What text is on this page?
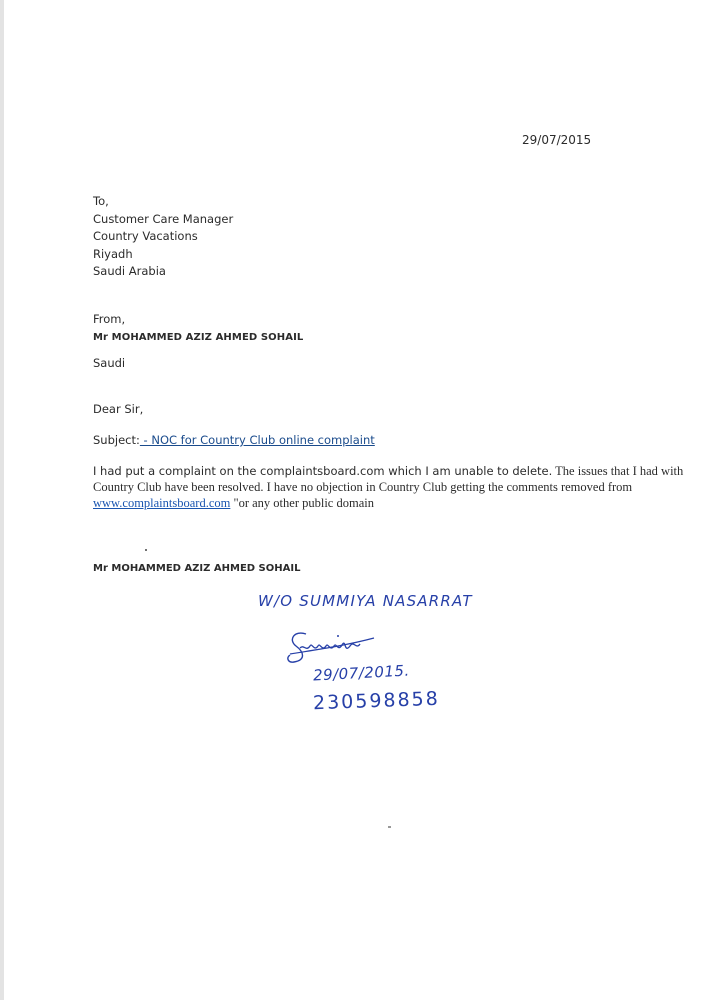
29/07/2015
To,
Customer Care Manager
Country Vacations
Riyadh
Saudi Arabia
From,
Mr MOHAMMED AZIZ AHMED SOHAIL
Saudi
Dear Sir,
Subject: - NOC for Country Club online complaint
I had put a complaint on the complaintsboard.com which I am unable to delete. The issues that I had with Country Club have been resolved. I have no objection in Country Club getting the comments removed from www.complaintsboard.com "or any other public domain
Mr MOHAMMED AZIZ AHMED SOHAIL
W/O SUMMIYA NASARRAT
29/07/2015.
230598858
